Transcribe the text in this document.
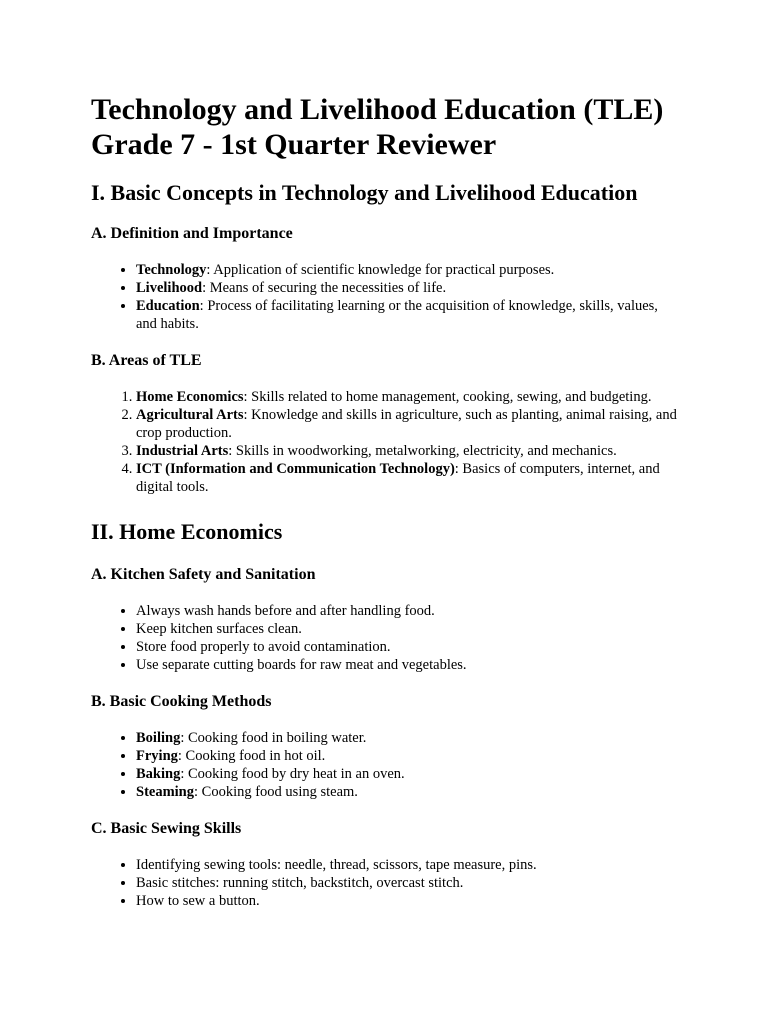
Technology and Livelihood Education (TLE)
Grade 7 - 1st Quarter Reviewer
I. Basic Concepts in Technology and Livelihood Education
A. Definition and Importance
• Technology: Application of scientific knowledge for practical purposes.
• Livelihood: Means of securing the necessities of life.
• Education: Process of facilitating learning or the acquisition of knowledge, skills, values, and habits.
B. Areas of TLE
1. Home Economics: Skills related to home management, cooking, sewing, and budgeting.
2. Agricultural Arts: Knowledge and skills in agriculture, such as planting, animal raising, and crop production.
3. Industrial Arts: Skills in woodworking, metalworking, electricity, and mechanics.
4. ICT (Information and Communication Technology): Basics of computers, internet, and digital tools.
II. Home Economics
A. Kitchen Safety and Sanitation
• Always wash hands before and after handling food.
• Keep kitchen surfaces clean.
• Store food properly to avoid contamination.
• Use separate cutting boards for raw meat and vegetables.
B. Basic Cooking Methods
• Boiling: Cooking food in boiling water.
• Frying: Cooking food in hot oil.
• Baking: Cooking food by dry heat in an oven.
• Steaming: Cooking food using steam.
C. Basic Sewing Skills
• Identifying sewing tools: needle, thread, scissors, tape measure, pins.
• Basic stitches: running stitch, backstitch, overcast stitch.
• How to sew a button.
